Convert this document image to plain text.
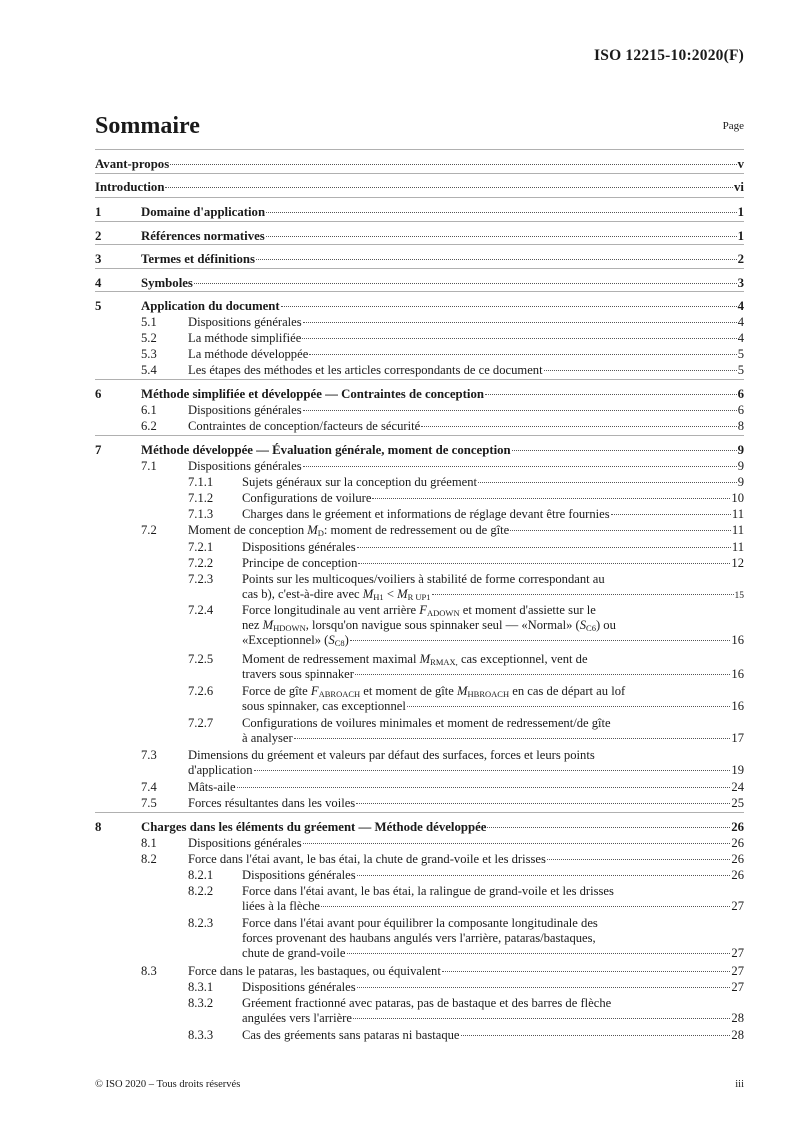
ISO 12215-10:2020(F)
Sommaire	Page
Avant-propos	v
Introduction	vi
1	Domaine d'application	1
2	Références normatives	1
3	Termes et définitions	2
4	Symboles	3
5	Application du document	4
5.1 Dispositions générales	4
5.2 La méthode simplifiée	4
5.3 La méthode développée	5
5.4 Les étapes des méthodes et les articles correspondants de ce document	5
6	Méthode simplifiée et développée — Contraintes de conception	6
6.1 Dispositions générales	6
6.2 Contraintes de conception/facteurs de sécurité	8
7	Méthode développée — Évaluation générale, moment de conception	9
7.1 Dispositions générales	9
7.1.1 Sujets généraux sur la conception du gréement	9
7.1.2 Configurations de voilure	10
7.1.3 Charges dans le gréement et informations de réglage devant être fournies	11
7.2 Moment de conception $M_D$: moment de redressement ou de gîte	11
7.2.1 Dispositions générales	11
7.2.2 Principe de conception	12
7.2.3 Points sur les multicoques/voiliers à stabilité de forme correspondant au
cas b), c'est-à-dire avec $M_{H1} < M_{R UP1}$	15
7.2.4 Force longitudinale au vent arrière $F_{ADOWN}$ et moment d'assiette sur le
nez $M_{HDOWN}$, lorsqu'on navigue sous spinnaker seul — «Normal» $(S_{C6})$ ou
«Exceptionnel» $(S_{C8})$	16
7.2.5 Moment de redressement maximal $M_{RMAX,}$ cas exceptionnel, vent de
travers sous spinnaker	16
7.2.6 Force de gîte $F_{ABROACH}$ et moment de gîte $M_{HBROACH}$ en cas de départ au lof
sous spinnaker, cas exceptionnel	16
7.2.7 Configurations de voilures minimales et moment de redressement/de gîte
à analyser	17
7.3 Dimensions du gréement et valeurs par défaut des surfaces, forces et leurs points
d'application	19
7.4 Mâts-aile	24
7.5 Forces résultantes dans les voiles	25
8	Charges dans les éléments du gréement — Méthode développée	26
8.1 Dispositions générales	26
8.2 Force dans l'étai avant, le bas étai, la chute de grand-voile et les drisses	26
8.2.1 Dispositions générales	26
8.2.2 Force dans l'étai avant, le bas étai, la ralingue de grand-voile et les drisses
liées à la flèche	27
8.2.3 Force dans l'étai avant pour équilibrer la composante longitudinale des
forces provenant des haubans angulés vers l'arrière, pataras/bastaques,
chute de grand-voile	27
8.3 Force dans le pataras, les bastaques, ou équivalent	27
8.3.1 Dispositions générales	27
8.3.2 Gréement fractionné avec pataras, pas de bastaque et des barres de flèche
angulées vers l'arrière	28
8.3.3 Cas des gréements sans pataras ni bastaque	28
© ISO 2020 – Tous droits réservés	iii
